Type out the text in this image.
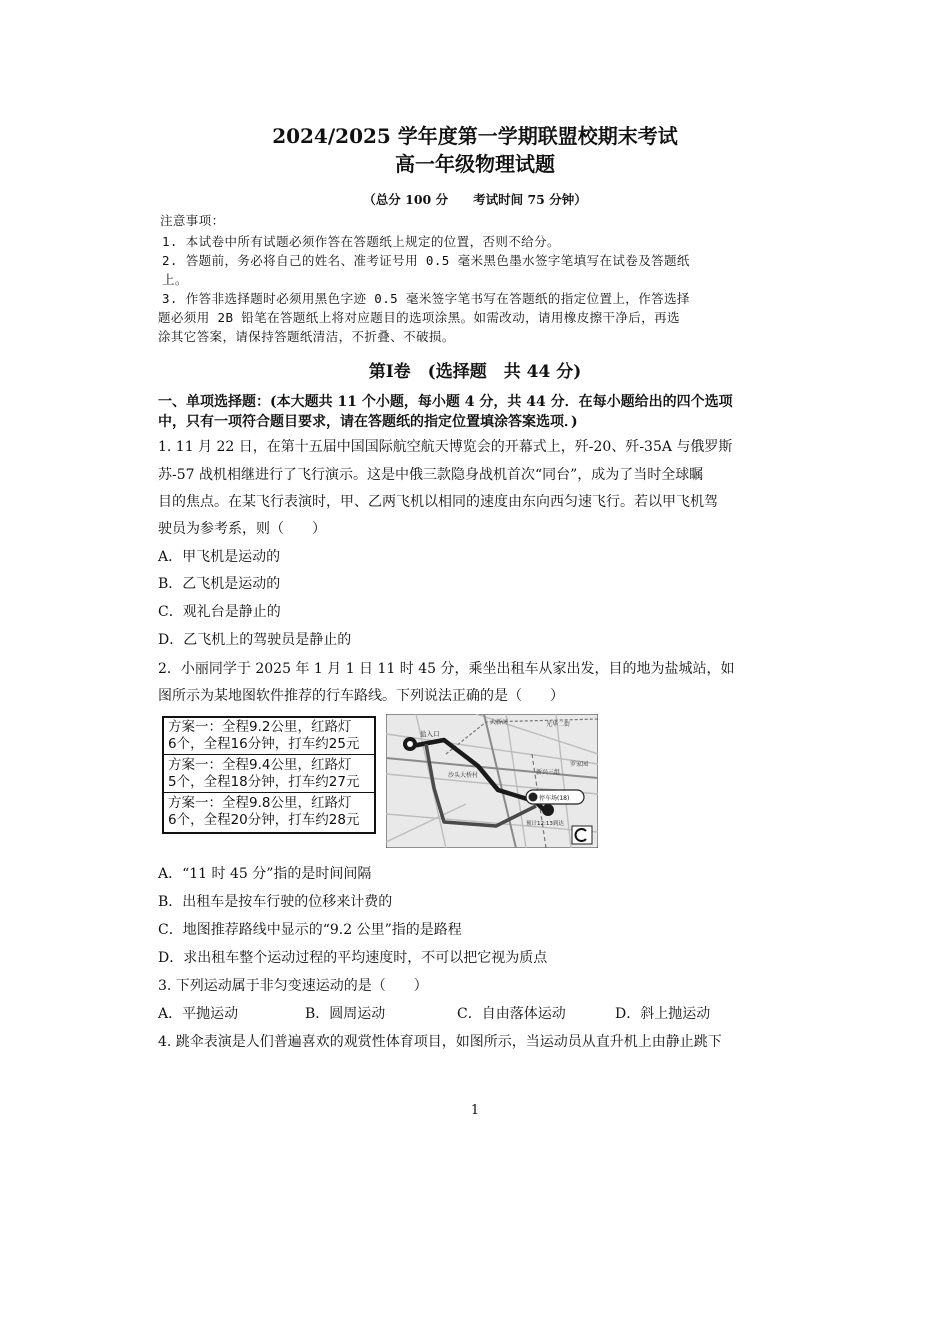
2024/2025 学年度第一学期联盟校期末考试
高一年级物理试题
（总分 100 分　　考试时间 75 分钟）
注意事项：
1. 本试卷中所有试题必须作答在答题纸上规定的位置，否则不给分。
2. 答题前，务必将自己的姓名、准考证号用 0.5 毫米黑色墨水签字笔填写在试卷及答题纸
上。
3. 作答非选择题时必须用黑色字迹 0.5 毫米签字笔书写在答题纸的指定位置上，作答选择
题必须用 2B 铅笔在答题纸上将对应题目的选项涂黑。如需改动，请用橡皮擦干净后，再选
涂其它答案，请保持答题纸清洁，不折叠、不破损。
第Ⅰ卷　(选择题　共 44 分)
一、单项选择题：(本大题共 11 个小题，每小题 4 分，共 44 分．在每小题给出的四个选项
中，只有一项符合题目要求，请在答题纸的指定位置填涂答案选项．)
1. 11 月 22 日，在第十五届中国国际航空航天博览会的开幕式上，歼-20、歼-35A 与俄罗斯
苏-57 战机相继进行了飞行演示。这是中俄三款隐身战机首次“同台”，成为了当时全球瞩
目的焦点。在某飞行表演时，甲、乙两飞机以相同的速度由东向西匀速飞行。若以甲飞机驾
驶员为参考系，则（　　）
A．甲飞机是运动的
B．乙飞机是运动的
C．观礼台是静止的
D．乙飞机上的驾驶员是静止的
2．小丽同学于 2025 年 1 月 1 日 11 时 45 分，乘坐出租车从家出发，目的地为盐城站，如
图所示为某地图软件推荐的行车路线。下列说法正确的是（　　）
方案一：全程9.2公里，红路灯
6个，全程16分钟，打车约25元
方案一：全程9.4公里，红路灯
5个，全程18分钟，打车约27元
方案一：全程9.8公里，红路灯
6个，全程20分钟，打车约28元
盐入口
停车场(18)
预计12:13到达
大新河	光华二街
沙头大桥村	新兴三组
罗家园
A．“11 时 45 分”指的是时间间隔
B．出租车是按车行驶的位移来计费的
C．地图推荐路线中显示的“9.2 公里”指的是路程
D．求出租车整个运动过程的平均速度时，不可以把它视为质点
3. 下列运动属于非匀变速运动的是（　　）
A．平抛运动	B．圆周运动	C．自由落体运动	D．斜上抛运动
4. 跳伞表演是人们普遍喜欢的观赏性体育项目，如图所示，当运动员从直升机上由静止跳下
1
